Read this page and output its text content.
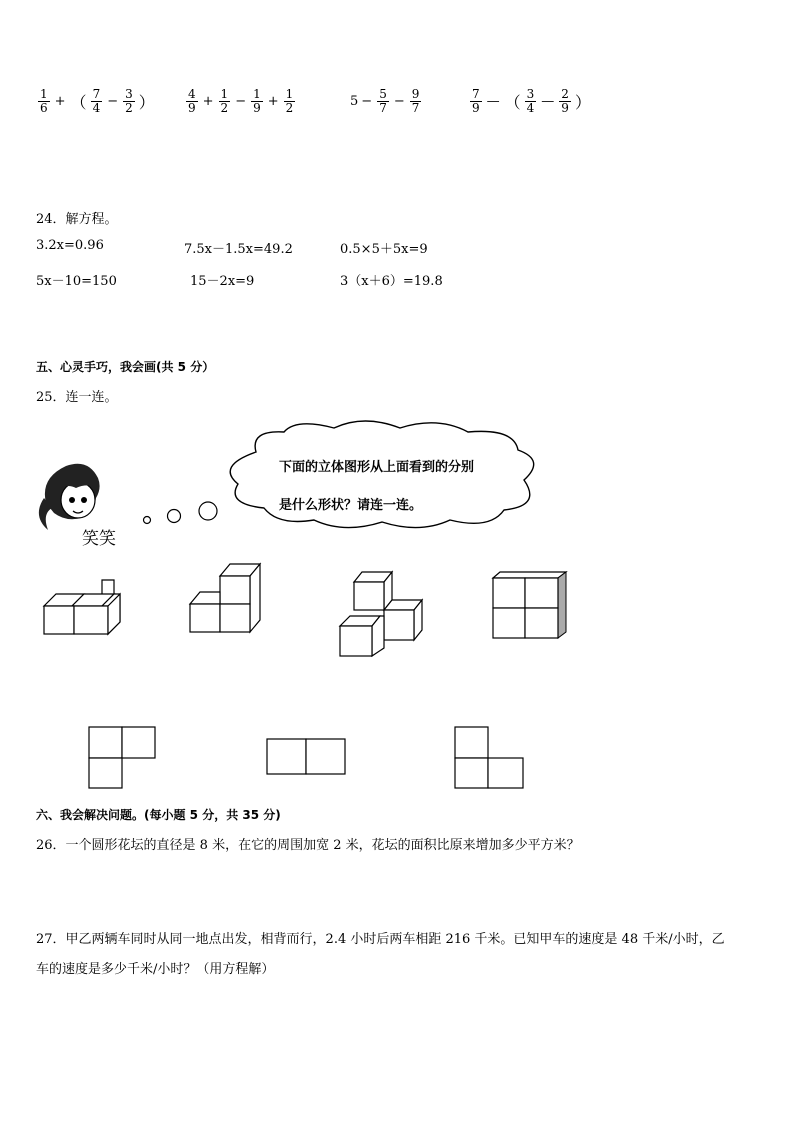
$\frac{1}{6}$ + （ $\frac{7}{4} - \frac{3}{2}$ ）	$\frac{4}{9} + \frac{1}{2} - \frac{1}{9} + \frac{1}{2}$	$5 - \frac{5}{7} - \frac{9}{7}$	$\frac{7}{9}$ — （ $\frac{3}{4}$ — $\frac{2}{9}$ ）
24．解方程。
3.2x=0.96	7.5x－1.5x=49.2	0.5×5＋5x=9
5x－10=150	15－2x=9	3（x＋6）=19.8
五、心灵手巧，我会画(共 5 分）
25．连一连。
笑笑
下面的立体图形从上面看到的分别
是什么形状？请连一连。
六、我会解决问题。(每小题 5 分，共 35 分)
26．一个圆形花坛的直径是 8 米，在它的周围加宽 2 米，花坛的面积比原来增加多少平方米？
27．甲乙两辆车同时从同一地点出发，相背而行，2.4 小时后两车相距 216 千米。已知甲车的速度是 48 千米/小时，乙
车的速度是多少千米/小时？（用方程解）
